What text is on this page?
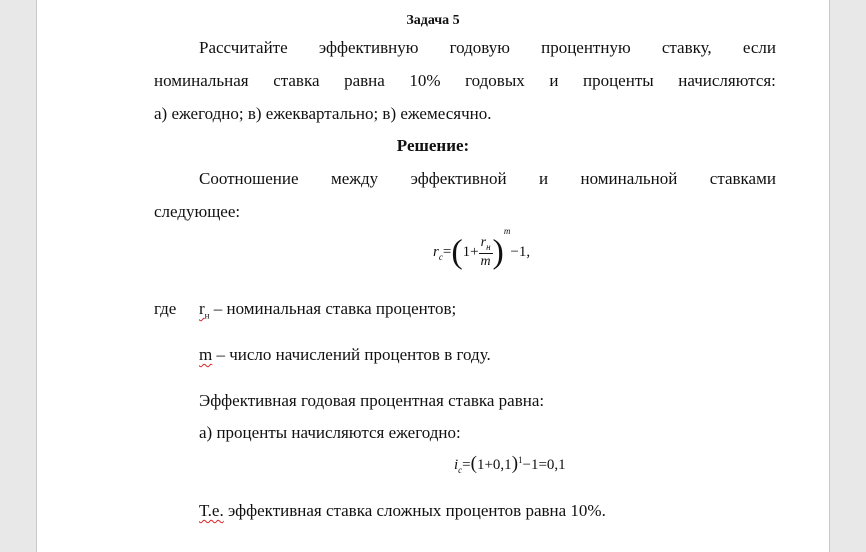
Задача 5
Рассчитайте эффективную годовую процентную ставку, если
номинальная ставка равна 10% годовых и проценты начисляются:
а) ежегодно; в) ежеквартально; в) ежемесячно.
Решение:
Соотношение между эффективной и номинальной ставками
следующее:
$r_c=(1+ \frac{r_н}{m} )^m-1$,
где $r_н$ – номинальная ставка процентов;
m – число начислений процентов в году.
Эффективная годовая процентная ставка равна:
а) проценты начисляются ежегодно:
$i_c=(1+0,1)^1-1=0,1$
Т.е. эффективная ставка сложных процентов равна 10%.
